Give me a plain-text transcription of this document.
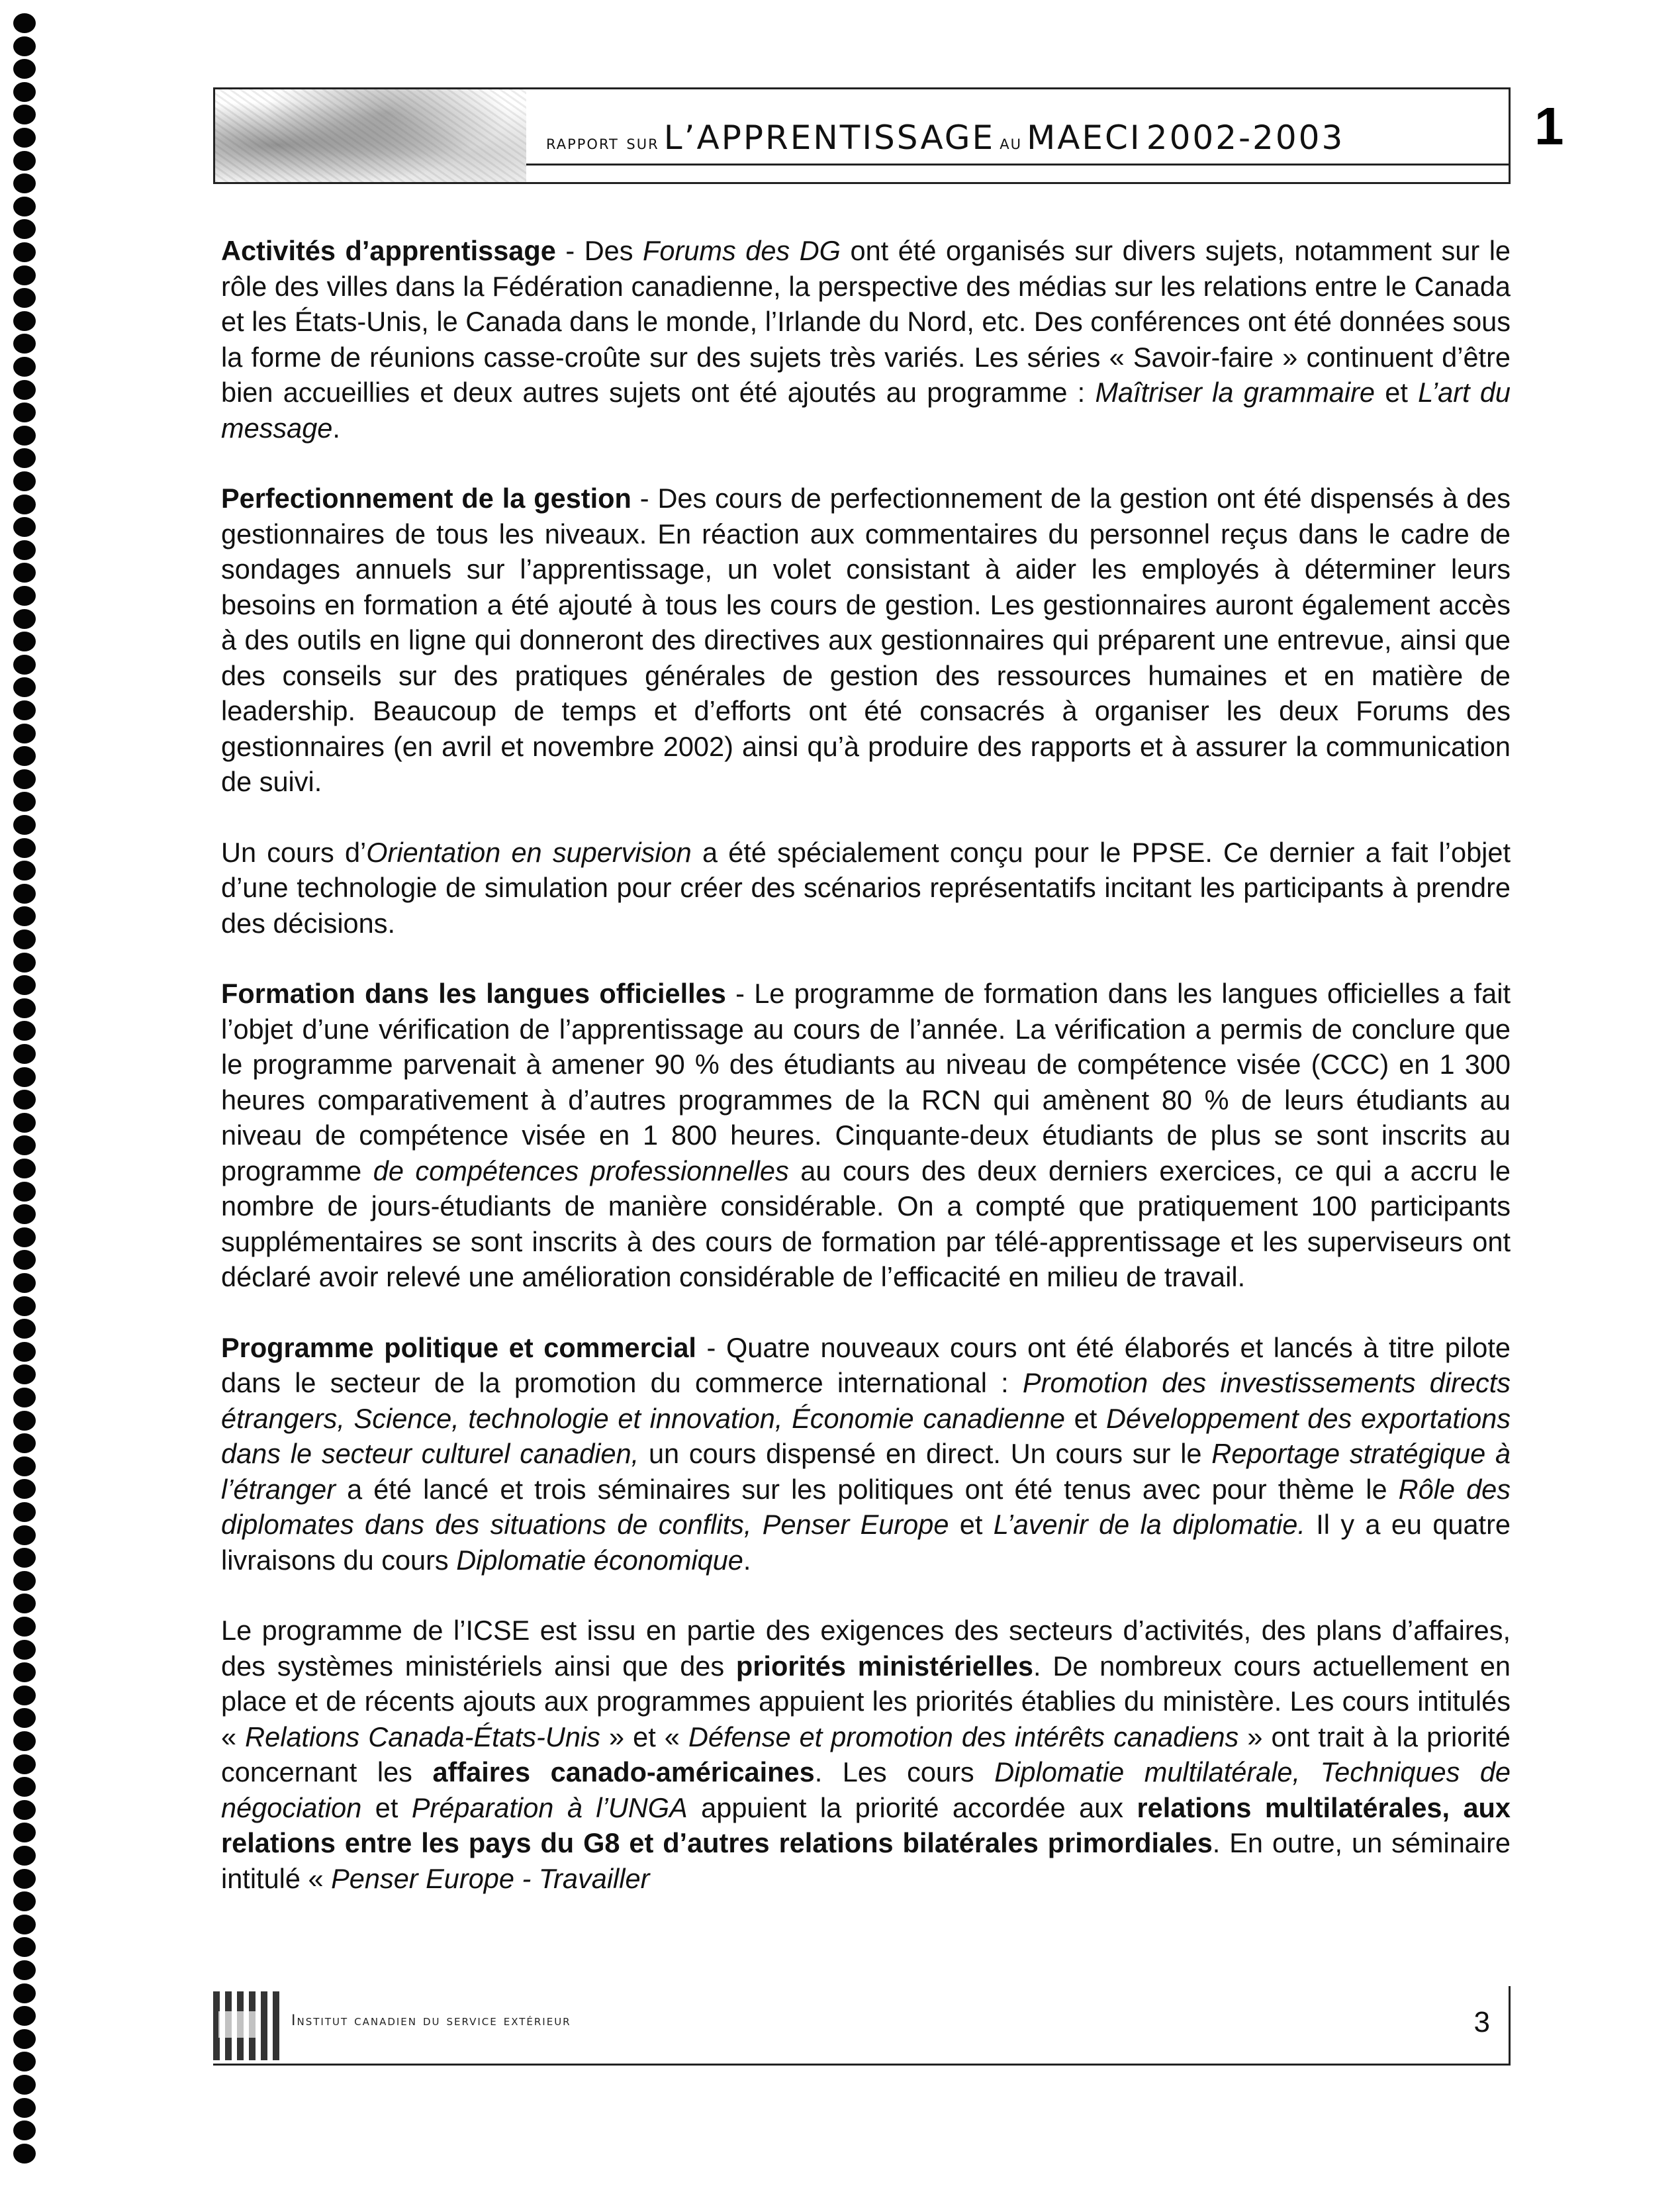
1
rapport sur L’APPRENTISSAGE au MAECI 2002-2003

Activités d’apprentissage - Des Forums des DG ont été organisés sur divers sujets, notamment sur le rôle des villes dans la Fédération canadienne, la perspective des médias sur les relations entre le Canada et les États-Unis, le Canada dans le monde, l’Irlande du Nord, etc. Des conférences ont été données sous la forme de réunions casse-croûte sur des sujets très variés. Les séries « Savoir-faire » continuent d’être bien accueillies et deux autres sujets ont été ajoutés au programme : Maîtriser la grammaire et L’art du message.

Perfectionnement de la gestion - Des cours de perfectionnement de la gestion ont été dispensés à des gestionnaires de tous les niveaux. En réaction aux commentaires du personnel reçus dans le cadre de sondages annuels sur l’apprentissage, un volet consistant à aider les employés à déterminer leurs besoins en formation a été ajouté à tous les cours de gestion. Les gestionnaires auront également accès à des outils en ligne qui donneront des directives aux gestionnaires qui préparent une entrevue, ainsi que des conseils sur des pratiques générales de gestion des ressources humaines et en matière de leadership. Beaucoup de temps et d’efforts ont été consacrés à organiser les deux Forums des gestionnaires (en avril et novembre 2002) ainsi qu’à produire des rapports et à assurer la communication de suivi.

Un cours d’Orientation en supervision a été spécialement conçu pour le PPSE. Ce dernier a fait l’objet d’une technologie de simulation pour créer des scénarios représentatifs incitant les participants à prendre des décisions.

Formation dans les langues officielles - Le programme de formation dans les langues officielles a fait l’objet d’une vérification de l’apprentissage au cours de l’année. La vérification a permis de conclure que le programme parvenait à amener 90 % des étudiants au niveau de compétence visée (CCC) en 1 300 heures comparativement à d’autres programmes de la RCN qui amènent 80 % de leurs étudiants au niveau de compétence visée en 1 800 heures. Cinquante-deux étudiants de plus se sont inscrits au programme de compétences professionnelles au cours des deux derniers exercices, ce qui a accru le nombre de jours-étudiants de manière considérable. On a compté que pratiquement 100 participants supplémentaires se sont inscrits à des cours de formation par télé-apprentissage et les superviseurs ont déclaré avoir relevé une amélioration considérable de l’efficacité en milieu de travail.

Programme politique et commercial - Quatre nouveaux cours ont été élaborés et lancés à titre pilote dans le secteur de la promotion du commerce international : Promotion des investissements directs étrangers, Science, technologie et innovation, Économie canadienne et Développement des exportations dans le secteur culturel canadien, un cours dispensé en direct. Un cours sur le Reportage stratégique à l’étranger a été lancé et trois séminaires sur les politiques ont été tenus avec pour thème le Rôle des diplomates dans des situations de conflits, Penser Europe et L’avenir de la diplomatie. Il y a eu quatre livraisons du cours Diplomatie économique.

Le programme de l’ICSE est issu en partie des exigences des secteurs d’activités, des plans d’affaires, des systèmes ministériels ainsi que des priorités ministérielles. De nombreux cours actuellement en place et de récents ajouts aux programmes appuient les priorités établies du ministère. Les cours intitulés « Relations Canada-États-Unis » et « Défense et promotion des intérêts canadiens » ont trait à la priorité concernant les affaires canado-américaines. Les cours Diplomatie multilatérale, Techniques de négociation et Préparation à l’UNGA appuient la priorité accordée aux relations multilatérales, aux relations entre les pays du G8 et d’autres relations bilatérales primordiales. En outre, un séminaire intitulé « Penser Europe - Travailler

Institut canadien du service extérieur	3
